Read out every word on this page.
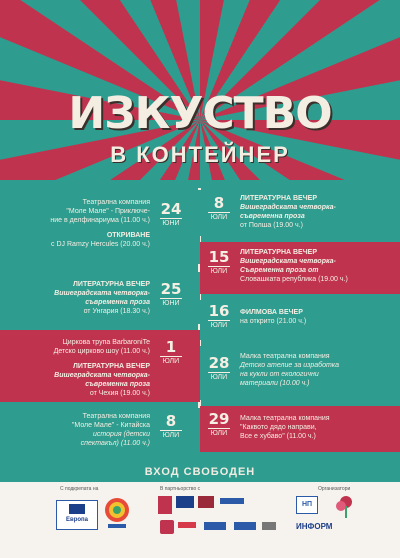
ИЗКУСТВО
В КОНТЕЙНЕР
Театрална компания
"Моле Мале" - Приключе-
ние в делфинариума (11.00 ч.)
ОТКРИВАНЕ
с DJ Ramzy Hercules (20.00 ч.)
24
ЮНИ
ЛИТЕРАТУРНА ВЕЧЕР
Вишеградската четворка-
съвременна проза
от Унгария (18.30 ч.)
25
ЮНИ
Циркова трупа BarbaroniTe
Детско цирково шоу (11.00 ч.)
ЛИТЕРАТУРНА ВЕЧЕР
Вишеградската четворка-
съвременна проза
от Чехия (19.00 ч.)
1
ЮЛИ
Театрална компания
"Моле Мале" - Китайска
история (детски
спектакъл) (11.00 ч.)
8
ЮЛИ
8
ЮЛИ
ЛИТЕРАТУРНА ВЕЧЕР
Вишеградската четворка-
съвременна проза
от Полша (19.00 ч.)
15
ЮЛИ
ЛИТЕРАТУРНА ВЕЧЕР
Вишеградската четворка-
Съвременна проза от
Словашката република (19.00 ч.)
16
ЮЛИ
ФИЛМОВА ВЕЧЕР
на открито (21.00 ч.)
28
ЮЛИ
Малка театрална компания
Детско ателие за изработка
на кукли от екологични
материали (10.00 ч.)
29
ЮЛИ
Малка театрална компания
"Каквото дядо направи,
Все е хубаво" (11.00 ч.)
ВХОД СВОБОДЕН
С подкрепата на	В партньорство с	Организатори
Европа
НП
ИНФОРМ
